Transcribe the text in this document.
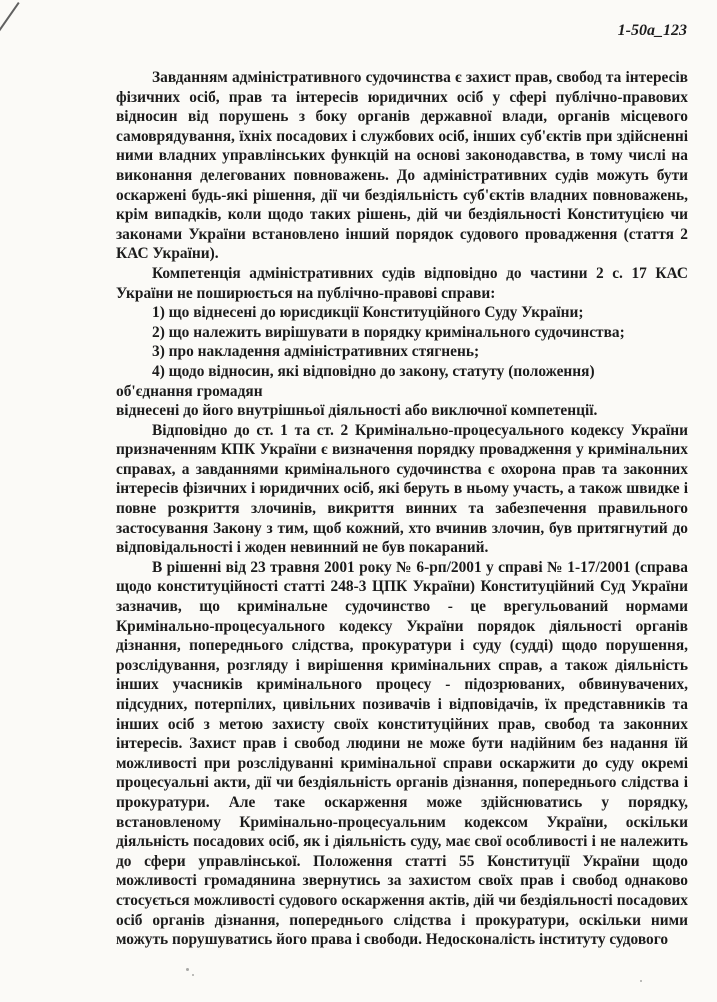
1-50а_123

Завданням адміністративного судочинства є захист прав, свобод та інтересів фізичних осіб, прав та інтересів юридичних осіб у сфері публічно-правових відносин від порушень з боку органів державної влади, органів місцевого самоврядування, їхніх посадових і службових осіб, інших суб'єктів при здійсненні ними владних управлінських функцій на основі законодавства, в тому числі на виконання делегованих повноважень. До адміністративних судів можуть бути оскаржені будь-які рішення, дії чи бездіяльність суб'єктів владних повноважень, крім випадків, коли щодо таких рішень, дій чи бездіяльності Конституцією чи законами України встановлено інший порядок судового провадження (стаття 2 КАС України).

Компетенція адміністративних судів відповідно до частини 2 с. 17 КАС України не поширюється на публічно-правові справи:

1) що віднесені до юрисдикції Конституційного Суду України;

2) що належить вирішувати в порядку кримінального судочинства;

3) про накладення адміністративних стягнень;

4) щодо відносин, які відповідно до закону, статуту (положення)

об'єднання громадян

віднесені до його внутрішньої діяльності або виключної компетенції.

Відповідно до ст. 1 та ст. 2 Кримінально-процесуального кодексу України призначенням КПК України є визначення порядку провадження у кримінальних справах, а завданнями кримінального судочинства є охорона прав та законних інтересів фізичних і юридичних осіб, які беруть в ньому участь, а також швидке і повне розкриття злочинів, викриття винних та забезпечення правильного застосування Закону з тим, щоб кожний, хто вчинив злочин, був притягнутий до відповідальності і жоден невинний не був покараний.

В рішенні від 23 травня 2001 року № 6-рп/2001 у справі № 1-17/2001 (справа щодо конституційності статті 248-3 ЦПК України) Конституційний Суд України зазначив, що кримінальне судочинство - це врегульований нормами Кримінально-процесуального кодексу України порядок діяльності органів дізнання, попереднього слідства, прокуратури і суду (судді) щодо порушення, розслідування, розгляду і вирішення кримінальних справ, а також діяльність інших учасників кримінального процесу - підозрюваних, обвинувачених, підсудних, потерпілих, цивільних позивачів і відповідачів, їх представників та інших осіб з метою захисту своїх конституційних прав, свобод та законних інтересів. Захист прав і свобод людини не може бути надійним без надання їй можливості при розслідуванні кримінальної справи оскаржити до суду окремі процесуальні акти, дії чи бездіяльність органів дізнання, попереднього слідства і прокуратури. Але таке оскарження може здійснюватись у порядку, встановленому Кримінально-процесуальним кодексом України, оскільки діяльність посадових осіб, як і діяльність суду, має свої особливості і не належить до сфери управлінської. Положення статті 55 Конституції України щодо можливості громадянина звернутись за захистом своїх прав і свобод однаково стосується можливості судового оскарження актів, дій чи бездіяльності посадових осіб органів дізнання, попереднього слідства і прокуратури, оскільки ними можуть порушуватись його права і свободи. Недосконалість інституту судового
